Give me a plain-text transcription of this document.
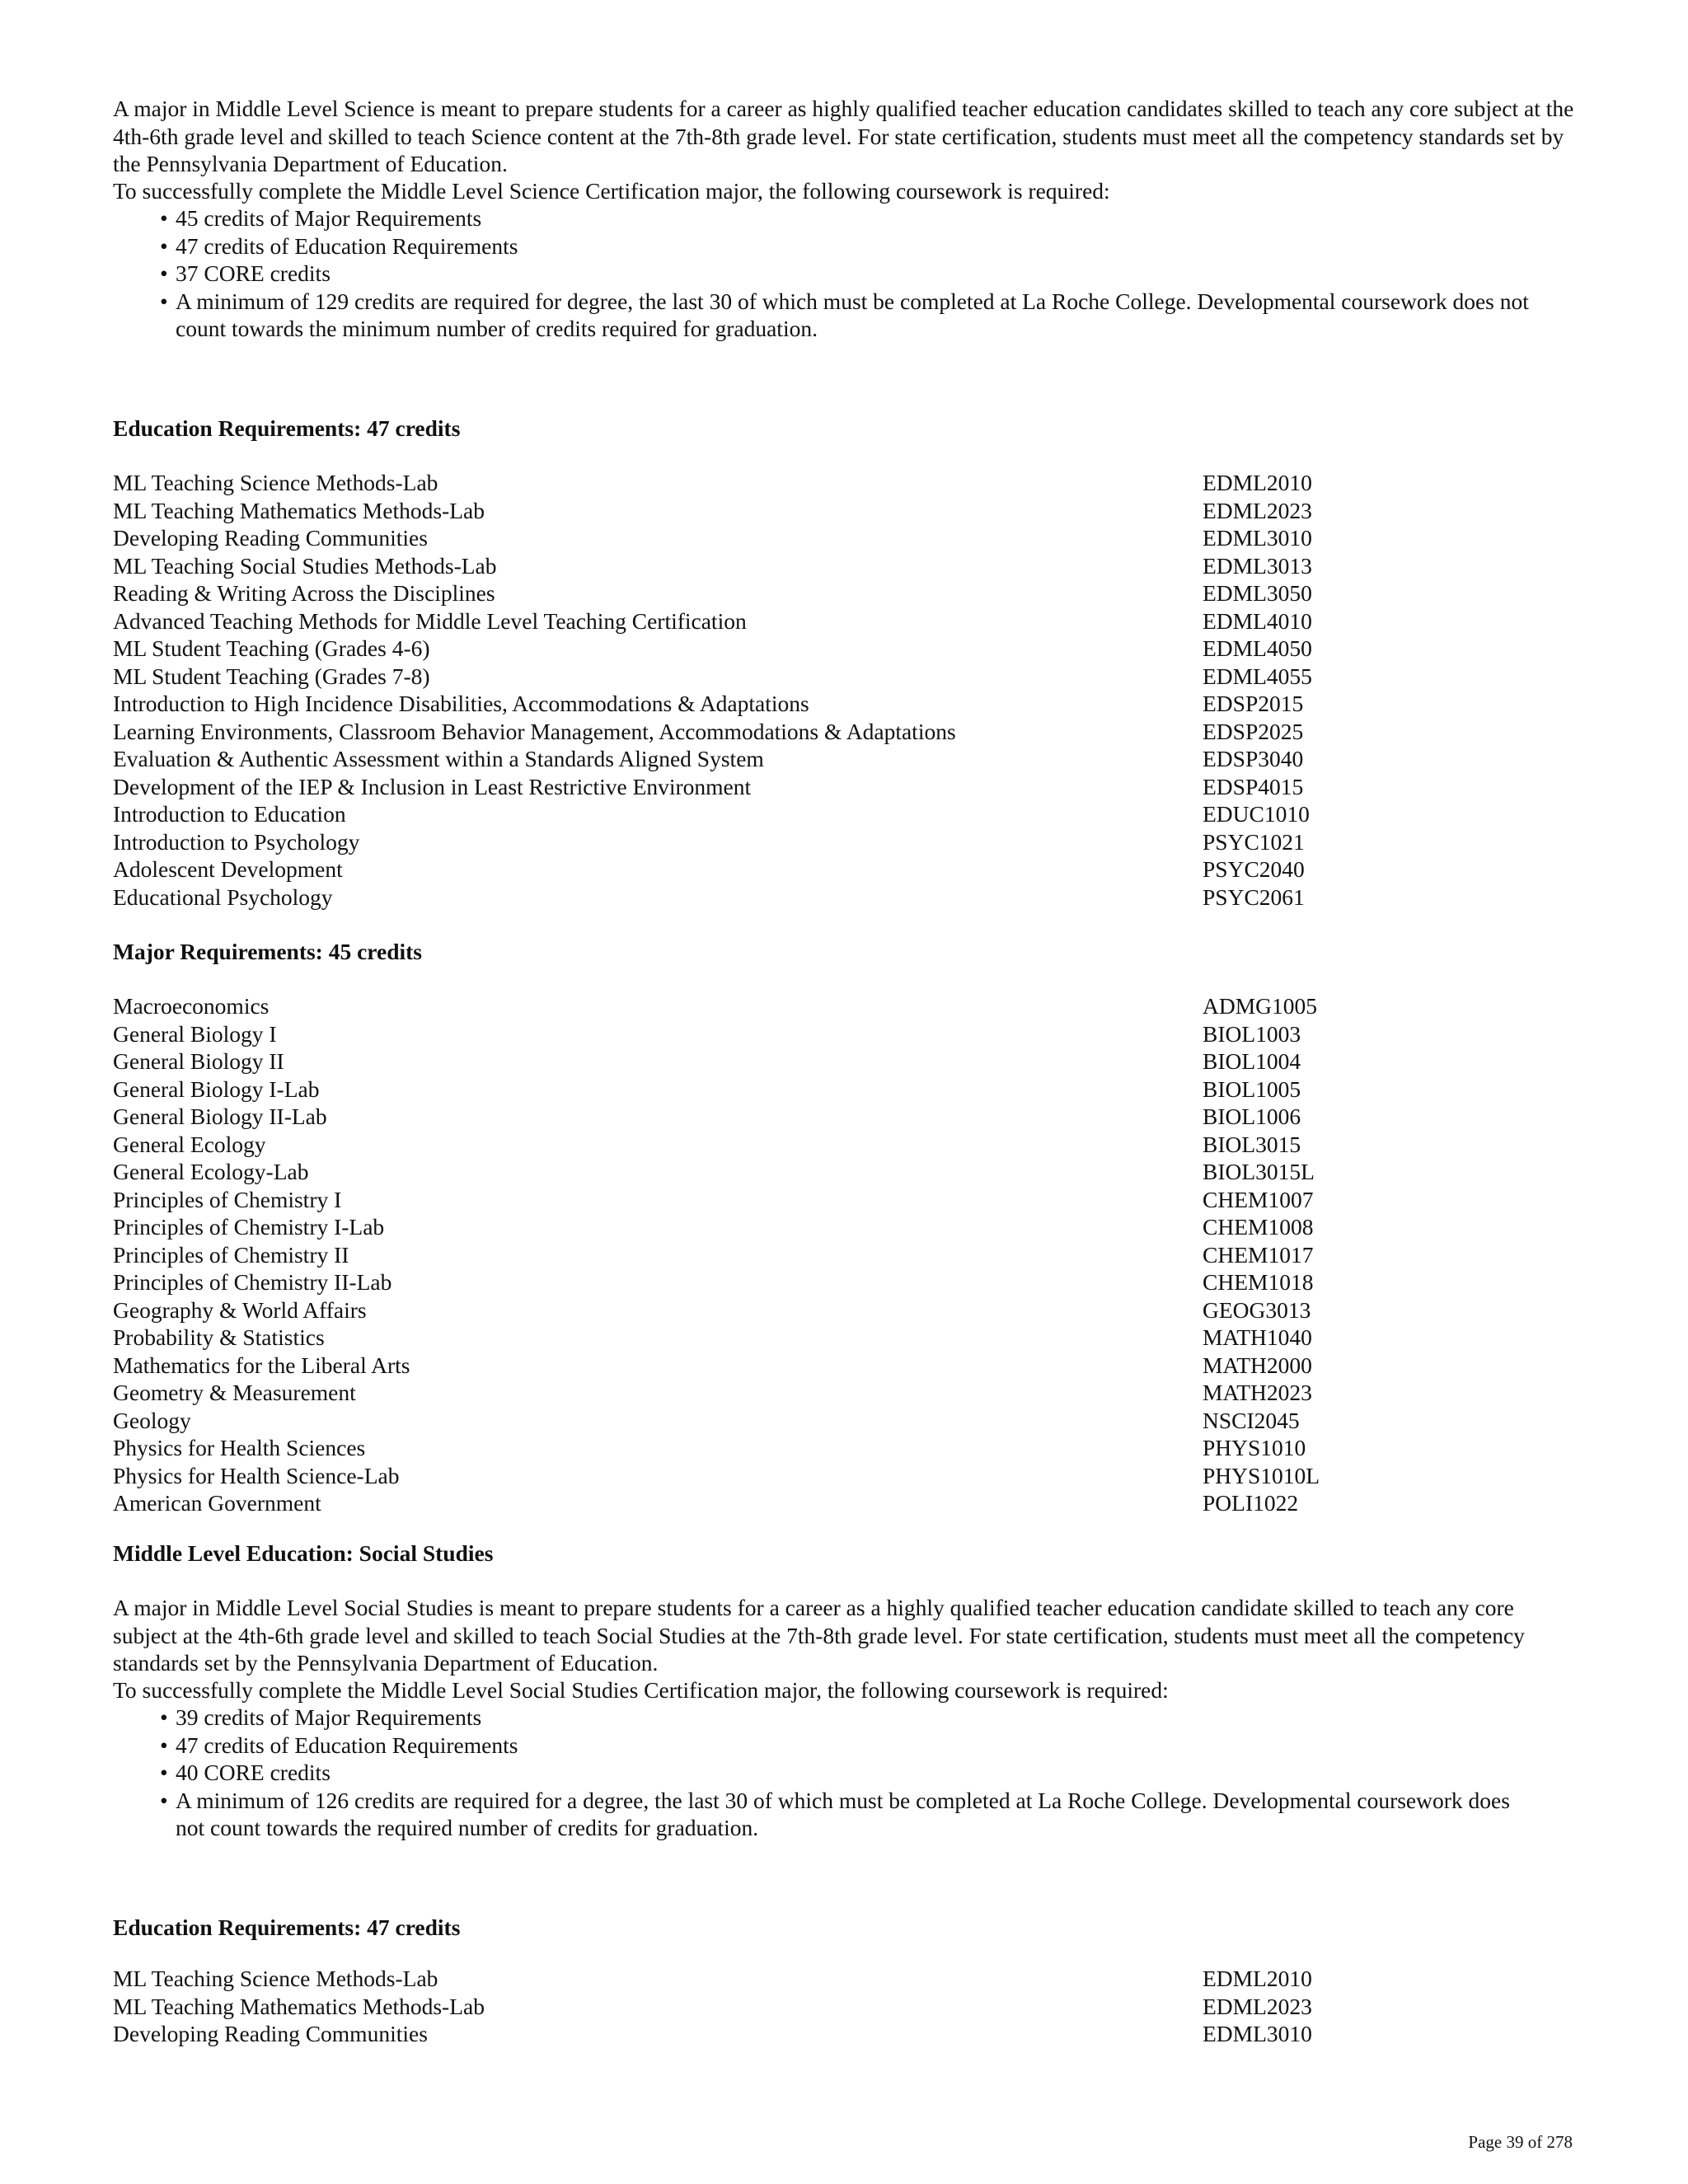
A major in Middle Level Science is meant to prepare students for a career as highly qualified teacher education candidates skilled to teach any core subject at the 4th-6th grade level and skilled to teach Science content at the 7th-8th grade level. For state certification, students must meet all the competency standards set by the Pennsylvania Department of Education.

To successfully complete the Middle Level Science Certification major, the following coursework is required:

• 45 credits of Major Requirements
• 47 credits of Education Requirements
• 37 CORE credits
• A minimum of 129 credits are required for degree, the last 30 of which must be completed at La Roche College. Developmental coursework does not count towards the minimum number of credits required for graduation.
Education Requirements: 47 credits
ML Teaching Science Methods-Lab	EDML2010
ML Teaching Mathematics Methods-Lab	EDML2023
Developing Reading Communities	EDML3010
ML Teaching Social Studies Methods-Lab	EDML3013
Reading & Writing Across the Disciplines	EDML3050
Advanced Teaching Methods for Middle Level Teaching Certification	EDML4010
ML Student Teaching (Grades 4-6)	EDML4050
ML Student Teaching (Grades 7-8)	EDML4055
Introduction to High Incidence Disabilities, Accommodations & Adaptations	EDSP2015
Learning Environments, Classroom Behavior Management, Accommodations & Adaptations	EDSP2025
Evaluation & Authentic Assessment within a Standards Aligned System	EDSP3040
Development of the IEP & Inclusion in Least Restrictive Environment	EDSP4015
Introduction to Education	EDUC1010
Introduction to Psychology	PSYC1021
Adolescent Development	PSYC2040
Educational Psychology	PSYC2061
Major Requirements: 45 credits
Macroeconomics	ADMG1005
General Biology I	BIOL1003
General Biology II	BIOL1004
General Biology I-Lab	BIOL1005
General Biology II-Lab	BIOL1006
General Ecology	BIOL3015
General Ecology-Lab	BIOL3015L
Principles of Chemistry I	CHEM1007
Principles of Chemistry I-Lab	CHEM1008
Principles of Chemistry II	CHEM1017
Principles of Chemistry II-Lab	CHEM1018
Geography & World Affairs	GEOG3013
Probability & Statistics	MATH1040
Mathematics for the Liberal Arts	MATH2000
Geometry & Measurement	MATH2023
Geology	NSCI2045
Physics for Health Sciences	PHYS1010
Physics for Health Science-Lab	PHYS1010L
American Government	POLI1022
Middle Level Education: Social Studies

A major in Middle Level Social Studies is meant to prepare students for a career as a highly qualified teacher education candidate skilled to teach any core subject at the 4th-6th grade level and skilled to teach Social Studies at the 7th-8th grade level. For state certification, students must meet all the competency standards set by the Pennsylvania Department of Education.

To successfully complete the Middle Level Social Studies Certification major, the following coursework is required:

• 39 credits of Major Requirements
• 47 credits of Education Requirements
• 40 CORE credits
• A minimum of 126 credits are required for a degree, the last 30 of which must be completed at La Roche College. Developmental coursework does not count towards the required number of credits for graduation.
Education Requirements: 47 credits
ML Teaching Science Methods-Lab	EDML2010
ML Teaching Mathematics Methods-Lab	EDML2023
Developing Reading Communities	EDML3010

Page 39 of 278
